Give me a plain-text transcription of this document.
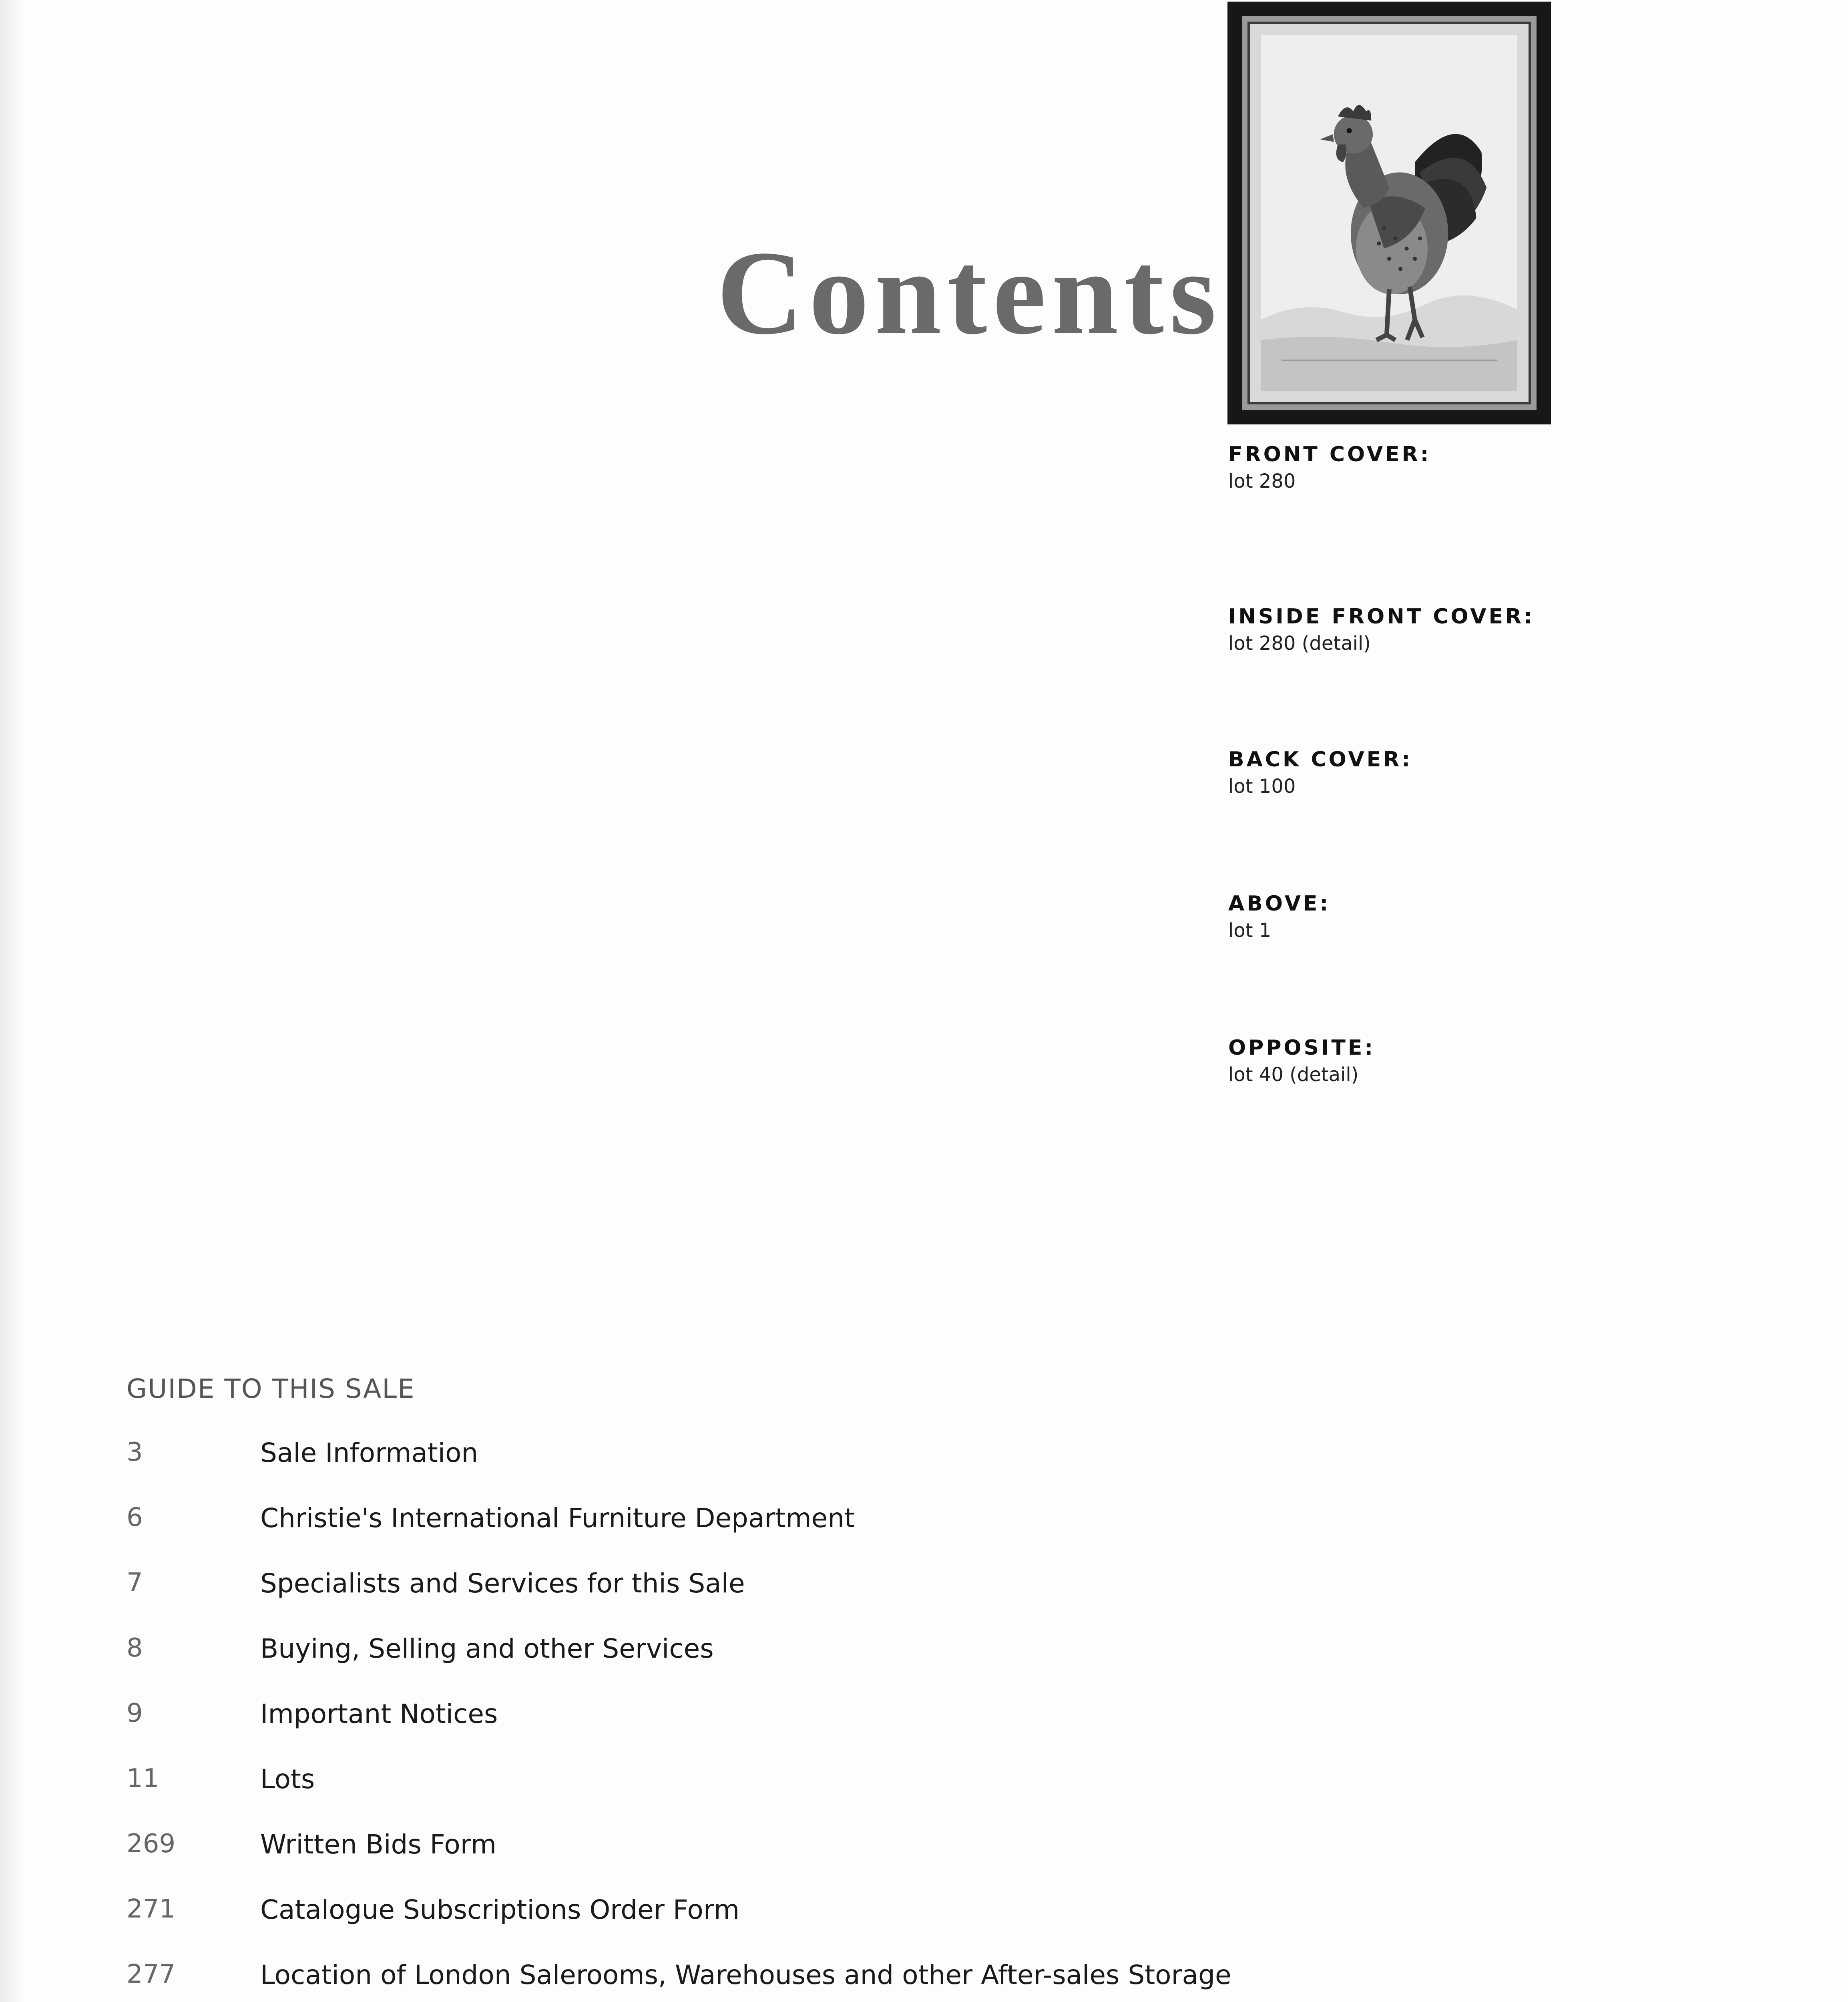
Contents
FRONT COVER:
lot 280
INSIDE FRONT COVER:
lot 280 (detail)
BACK COVER:
lot 100
ABOVE:
lot 1
OPPOSITE:
lot 40 (detail)
GUIDE TO THIS SALE
3	Sale Information
6	Christie's International Furniture Department
7	Specialists and Services for this Sale
8	Buying, Selling and other Services
9	Important Notices
11	Lots
269	Written Bids Form
271	Catalogue Subscriptions Order Form
277	Location of London Salerooms, Warehouses and other After-sales Storage
